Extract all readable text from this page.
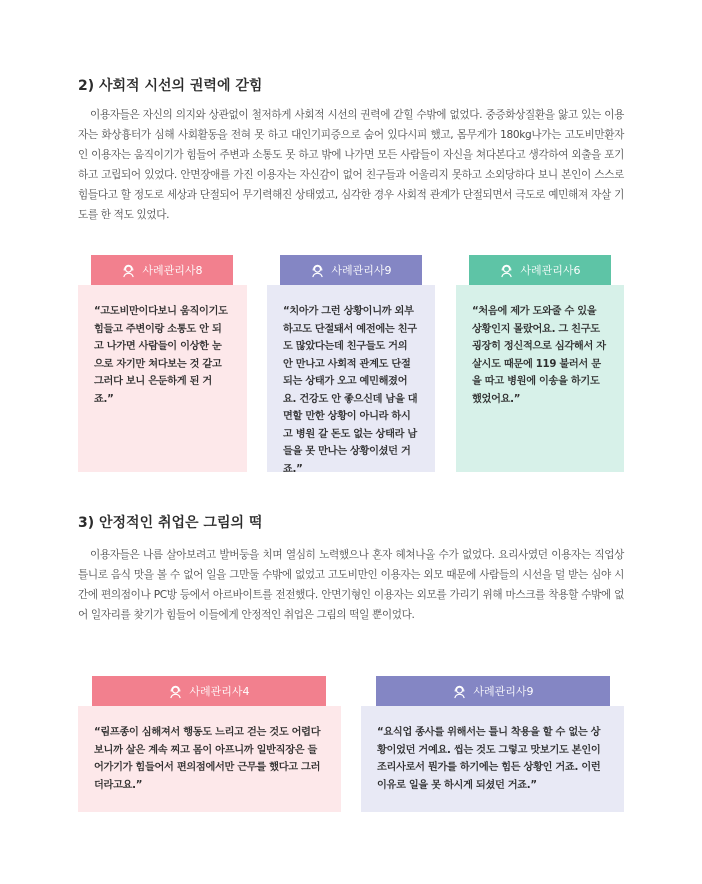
2) 사회적 시선의 권력에 갇힘

이용자들은 자신의 의지와 상관없이 철저하게 사회적 시선의 권력에 갇힐 수밖에 없었다. 중증화상질환을 앓고 있는 이용자는 화상흉터가 심해 사회활동을 전혀 못 하고 대인기피증으로 숨어 있다시피 했고, 몸무게가 180kg나가는 고도비만환자인 이용자는 움직이기가 힘들어 주변과 소통도 못 하고 밖에 나가면 모든 사람들이 자신을 쳐다본다고 생각하여 외출을 포기하고 고립되어 있었다. 안면장애를 가진 이용자는 자신감이 없어 친구들과 어울리지 못하고 소외당하다 보니 본인이 스스로 힘들다고 할 정도로 세상과 단절되어 무기력해진 상태였고, 심각한 경우 사회적 관계가 단절되면서 극도로 예민해져 자살 기도를 한 적도 있었다.

사례관리사8
“고도비만이다보니 움직이기도 힘들고 주변이랑 소통도 안 되고 나가면 사람들이 이상한 눈으로 자기만 쳐다보는 것 같고 그러다 보니 은둔하게 된 거죠.”
사례관리사9
“치아가 그런 상황이니까 외부하고도 단절돼서 예전에는 친구도 많았다는데 친구들도 거의 안 만나고 사회적 관계도 단절되는 상태가 오고 예민해졌어요. 건강도 안 좋으신데 남을 대면할 만한 상황이 아니라 하시고 병원 갈 돈도 없는 상태라 남들을 못 만나는 상황이셨던 거죠.”
사례관리사6
“처음에 제가 도와줄 수 있을 상황인지 몰랐어요. 그 친구도 굉장히 정신적으로 심각해서 자살시도 때문에 119 불러서 문을 따고 병원에 이송을 하기도 했었어요.”
3) 안정적인 취업은 그림의 떡

이용자들은 나름 살아보려고 발버둥을 치며 열심히 노력했으나 혼자 헤쳐나올 수가 없었다. 요리사였던 이용자는 직업상 틀니로 음식 맛을 볼 수 없어 일을 그만둘 수밖에 없었고 고도비만인 이용자는 외모 때문에 사람들의 시선을 덜 받는 심야 시간에 편의점이나 PC방 등에서 아르바이트를 전전했다. 안면기형인 이용자는 외모를 가리기 위해 마스크를 착용할 수밖에 없어 일자리를 찾기가 힘들어 이들에게 안정적인 취업은 그림의 떡일 뿐이었다.

사례관리사4
“림프종이 심해져서 행동도 느리고 걷는 것도 어렵다보니까 살은 계속 찌고 몸이 아프니까 일반직장은 들어가기가 힘들어서 편의점에서만 근무를 했다고 그러더라고요.”
사례관리사9
“요식업 종사를 위해서는 틀니 착용을 할 수 없는 상황이었던 거예요. 씹는 것도 그렇고 맛보기도 본인이 조리사로서 뭔가를 하기에는 힘든 상황인 거죠. 이런 이유로 일을 못 하시게 되셨던 거죠.”
